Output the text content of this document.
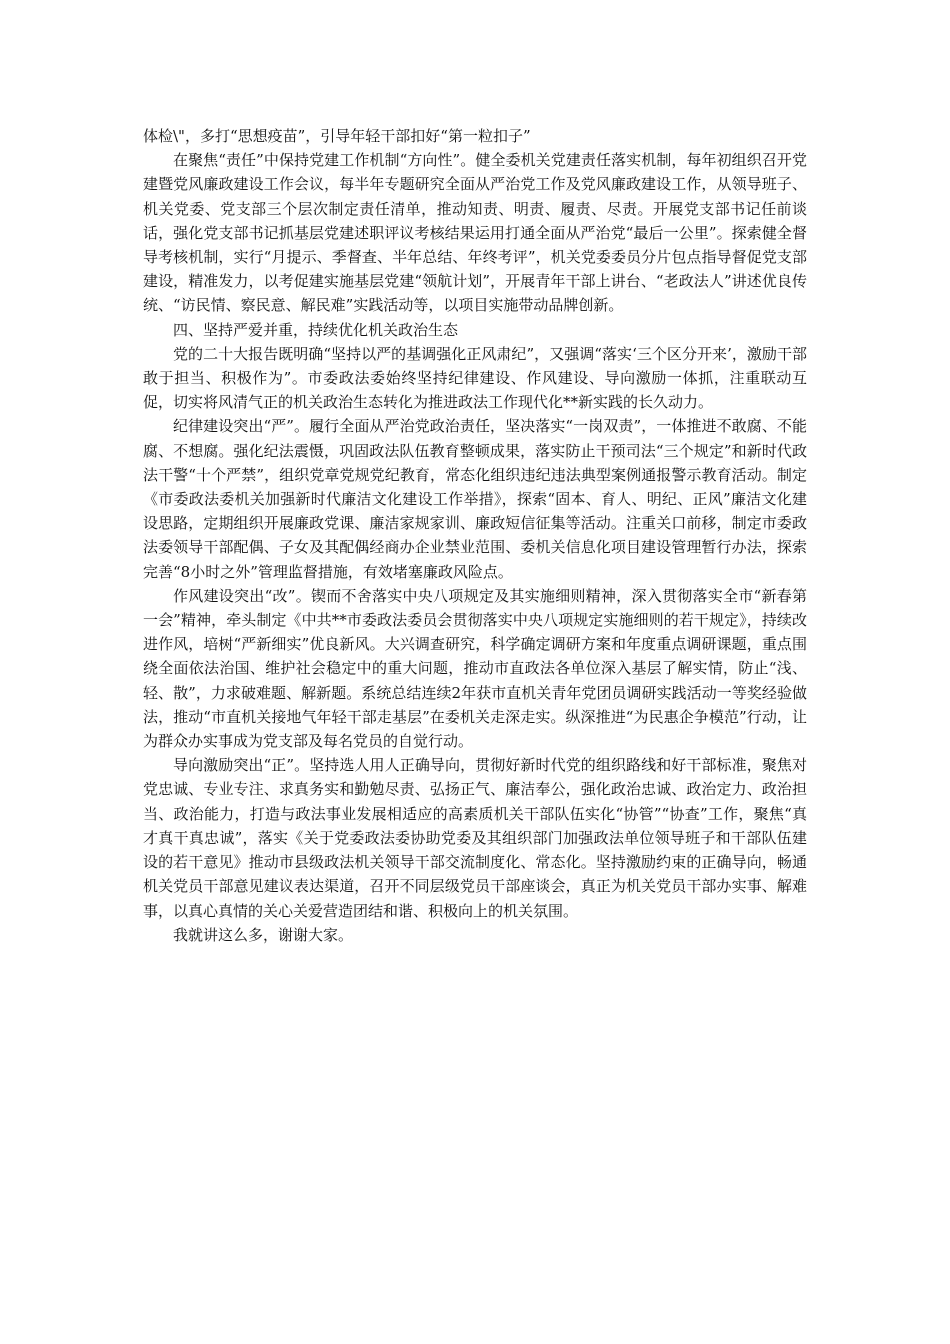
体检\"，多打“思想疫苗”，引导年轻干部扣好“第一粒扣子”

在聚焦“责任”中保持党建工作机制“方向性”。健全委机关党建责任落实机制，每年初组织召开党建暨党风廉政建设工作会议，每半年专题研究全面从严治党工作及党风廉政建设工作，从领导班子、机关党委、党支部三个层次制定责任清单，推动知责、明责、履责、尽责。开展党支部书记任前谈话，强化党支部书记抓基层党建述职评议考核结果运用打通全面从严治党“最后一公里”。探索健全督导考核机制，实行“月提示、季督查、半年总结、年终考评”，机关党委委员分片包点指导督促党支部建设，精准发力，以考促建实施基层党建“领航计划”，开展青年干部上讲台、“老政法人”讲述优良传统、“访民情、察民意、解民难”实践活动等，以项目实施带动品牌创新。

四、坚持严爱并重，持续优化机关政治生态

党的二十大报告既明确“坚持以严的基调强化正风肃纪”，又强调“落实‘三个区分开来’，激励干部敢于担当、积极作为”。市委政法委始终坚持纪律建设、作风建设、导向激励一体抓，注重联动互促，切实将风清气正的机关政治生态转化为推进政法工作现代化**新实践的长久动力。

纪律建设突出“严”。履行全面从严治党政治责任，坚决落实“一岗双责”，一体推进不敢腐、不能腐、不想腐。强化纪法震慑，巩固政法队伍教育整顿成果，落实防止干预司法“三个规定”和新时代政法干警“十个严禁”，组织党章党规党纪教育，常态化组织违纪违法典型案例通报警示教育活动。制定《市委政法委机关加强新时代廉洁文化建设工作举措》，探索“固本、育人、明纪、正风”廉洁文化建设思路，定期组织开展廉政党课、廉洁家规家训、廉政短信征集等活动。注重关口前移，制定市委政法委领导干部配偶、子女及其配偶经商办企业禁业范围、委机关信息化项目建设管理暂行办法，探索完善“8小时之外”管理监督措施，有效堵塞廉政风险点。

作风建设突出“改”。锲而不舍落实中央八项规定及其实施细则精神，深入贯彻落实全市“新春第一会”精神，牵头制定《中共**市委政法委员会贯彻落实中央八项规定实施细则的若干规定》，持续改进作风，培树“严新细实”优良新风。大兴调查研究，科学确定调研方案和年度重点调研课题，重点围绕全面依法治国、维护社会稳定中的重大问题，推动市直政法各单位深入基层了解实情，防止“浅、轻、散”，力求破难题、解新题。系统总结连续2年获市直机关青年党团员调研实践活动一等奖经验做法，推动“市直机关接地气年轻干部走基层”在委机关走深走实。纵深推进“为民惠企争模范”行动，让为群众办实事成为党支部及每名党员的自觉行动。

导向激励突出“正”。坚持选人用人正确导向，贯彻好新时代党的组织路线和好干部标准，聚焦对党忠诚、专业专注、求真务实和勤勉尽责、弘扬正气、廉洁奉公，强化政治忠诚、政治定力、政治担当、政治能力，打造与政法事业发展相适应的高素质机关干部队伍实化“协管”“协查”工作，聚焦“真才真干真忠诚”，落实《关于党委政法委协助党委及其组织部门加强政法单位领导班子和干部队伍建设的若干意见》推动市县级政法机关领导干部交流制度化、常态化。坚持激励约束的正确导向，畅通机关党员干部意见建议表达渠道，召开不同层级党员干部座谈会，真正为机关党员干部办实事、解难事，以真心真情的关心关爱营造团结和谐、积极向上的机关氛围。

我就讲这么多，谢谢大家。
